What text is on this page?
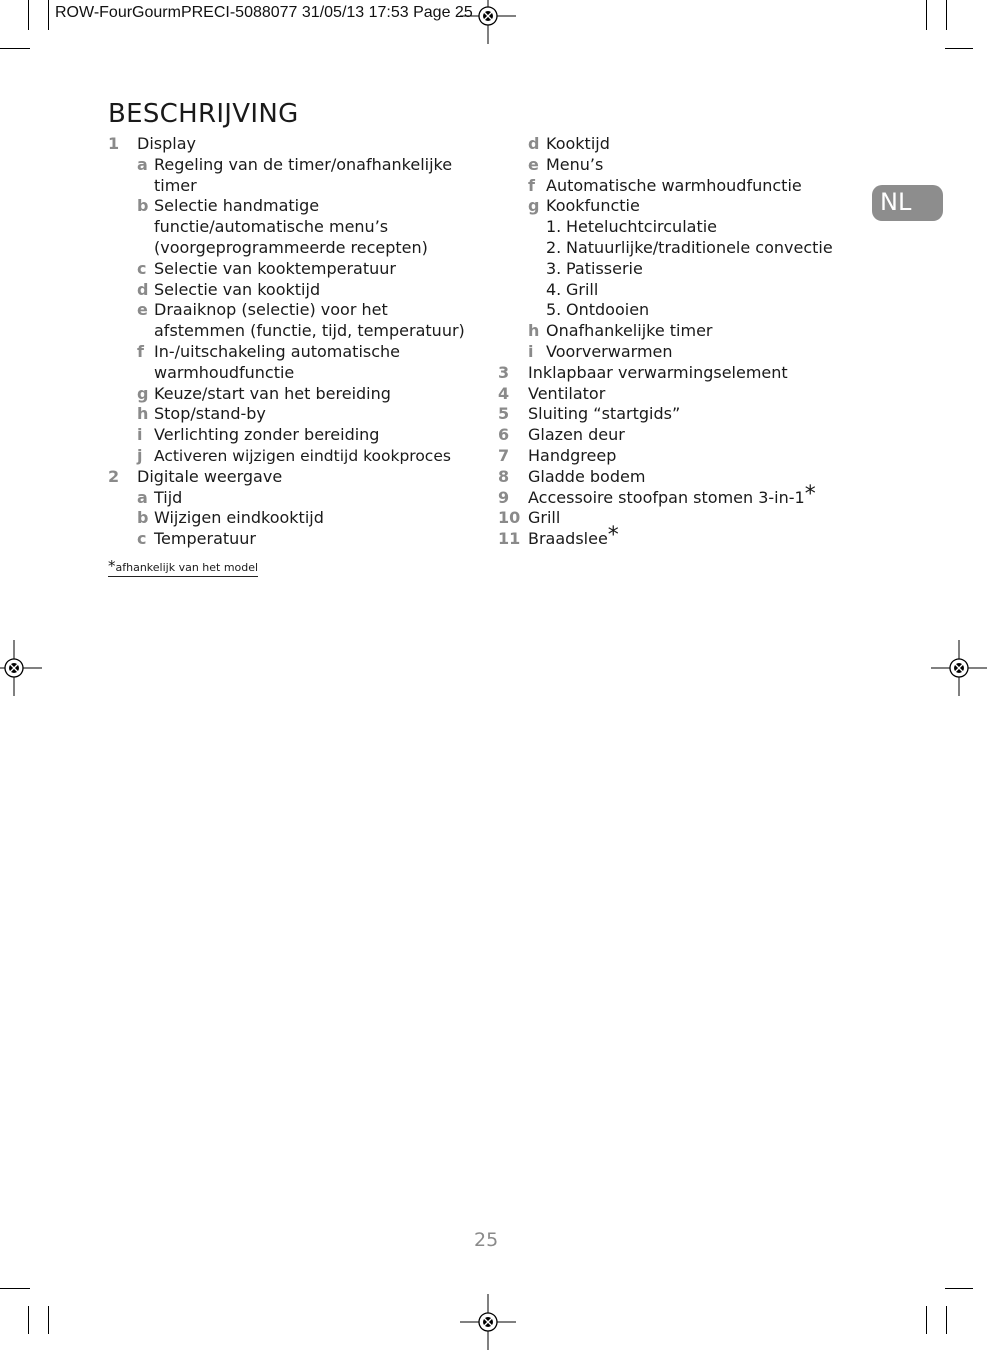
ROW-FourGourmPRECI-5088077 31/05/13 17:53 Page 25
BESCHRIJVING
NL
1 Display
a Regeling van de timer/onafhankelijke timer
b Selectie handmatige functie/automatische menu’s (voorgeprogrammeerde recepten)
c Selectie van kooktemperatuur
d Selectie van kooktijd
e Draaiknop (selectie) voor het afstemmen (functie, tijd, temperatuur)
f In-/uitschakeling automatische warmhoudfunctie
g Keuze/start van het bereiding
h Stop/stand-by
i Verlichting zonder bereiding
j Activeren wijzigen eindtijd kookproces
2 Digitale weergave
a Tijd
b Wijzigen eindkooktijd
c Temperatuur
*afhankelijk van het model
d Kooktijd
e Menu’s
f Automatische warmhoudfunctie
g Kookfunctie
1. Heteluchtcirculatie
2. Natuurlijke/traditionele convectie
3. Patisserie
4. Grill
5. Ontdooien
h Onafhankelijke timer
i Voorverwarmen
3 Inklapbaar verwarmingselement
4 Ventilator
5 Sluiting “startgids”
6 Glazen deur
7 Handgreep
8 Gladde bodem
9 Accessoire stoofpan stomen 3-in-1*
10 Grill
11 Braadslee*
25
